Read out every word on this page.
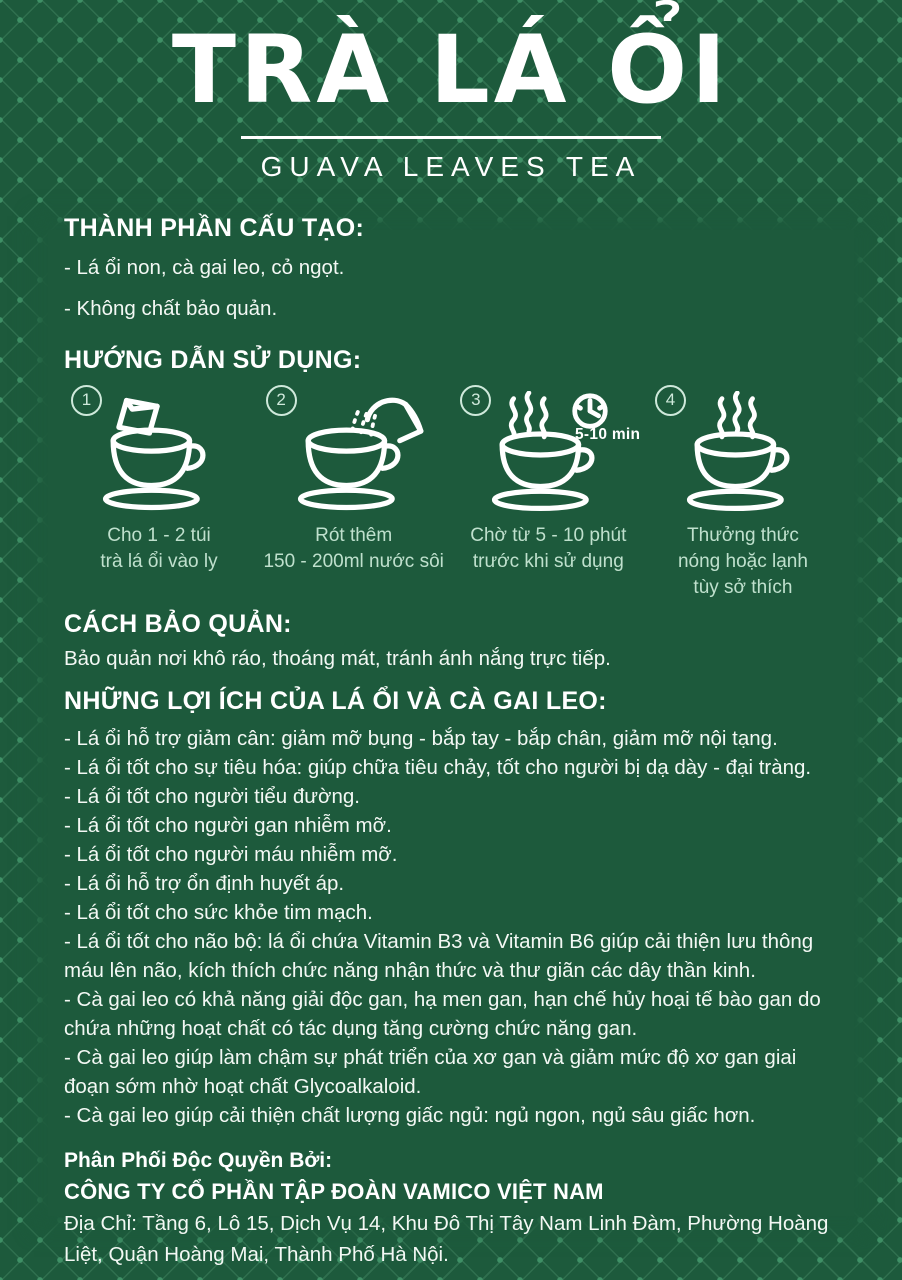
TRÀ LÁ ỔI
GUAVA LEAVES TEA
THÀNH PHẦN CẤU TẠO:
- Lá ổi non, cà gai leo, cỏ ngọt.
- Không chất bảo quản.
HƯỚNG DẪN SỬ DỤNG:
1
Cho 1 - 2 túi
trà lá ổi vào ly
2
Rót thêm
150 - 200ml nước sôi
3
5-10 min
Chờ từ 5 - 10 phút
trước khi sử dụng
4
Thưởng thức
nóng hoặc lạnh
tùy sở thích
CÁCH BẢO QUẢN:
Bảo quản nơi khô ráo, thoáng mát, tránh ánh nắng trực tiếp.
NHỮNG LỢI ÍCH CỦA LÁ ỔI VÀ CÀ GAI LEO:
- Lá ổi hỗ trợ giảm cân: giảm mỡ bụng - bắp tay - bắp chân, giảm mỡ nội tạng.
- Lá ổi tốt cho sự tiêu hóa: giúp chữa tiêu chảy, tốt cho người bị dạ dày - đại tràng.
- Lá ổi tốt cho người tiểu đường.
- Lá ổi tốt cho người gan nhiễm mỡ.
- Lá ổi tốt cho người máu nhiễm mỡ.
- Lá ổi hỗ trợ ổn định huyết áp.
- Lá ổi tốt cho sức khỏe tim mạch.
- Lá ổi tốt cho não bộ: lá ổi chứa Vitamin B3 và Vitamin B6 giúp cải thiện lưu thông máu lên não, kích thích chức năng nhận thức và thư giãn các dây thần kinh.
- Cà gai leo có khả năng giải độc gan, hạ men gan, hạn chế hủy hoại tế bào gan do chứa những hoạt chất có tác dụng tăng cường chức năng gan.
- Cà gai leo giúp làm chậm sự phát triển của xơ gan và giảm mức độ xơ gan giai đoạn sớm nhờ hoạt chất Glycoalkaloid.
- Cà gai leo giúp cải thiện chất lượng giấc ngủ: ngủ ngon, ngủ sâu giấc hơn.
Phân Phối Độc Quyền Bởi:
CÔNG TY CỔ PHẦN TẬP ĐOÀN VAMICO VIỆT NAM
Địa Chỉ: Tầng 6, Lô 15, Dịch Vụ 14, Khu Đô Thị Tây Nam Linh Đàm, Phường Hoàng Liệt, Quận Hoàng Mai, Thành Phố Hà Nội.
